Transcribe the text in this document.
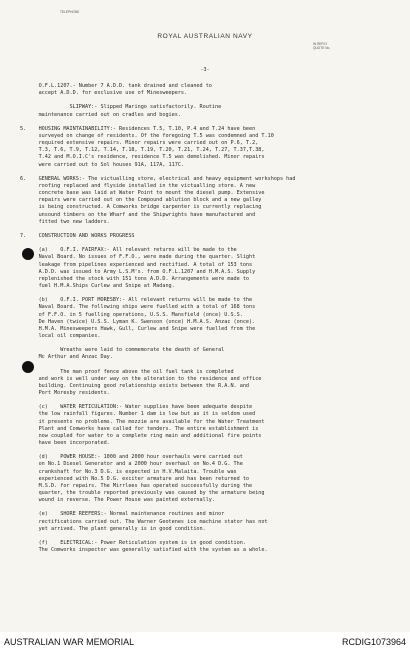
TELEPHONE
ROYAL AUSTRALIAN NAVY
IN REPLY
QUOTE No.
-3-
O.F.L.1207.- Number 7 A.D.D. tank drained and cleaned to
accept A.D.D. for exclusive use of Minesweepers.
SLIPWAY:- Slipped Maringo satisfactorily. Routine
maintenance carried out on cradles and bogies.
5.    HOUSING MAINTAINABILITY:- Residences T.5, T.10, P.4 and T.24 have been
surveyed on change of residents. Of the foregoing T.5 was condemned and T.10
required extensive repairs. Minor repairs were carried out on P.6, T.2,
T.3, T.6, T.9, T.12, T.14, T.18, T.19, T.20, T.21, T.24, T.27, T.37,T.38,
T.42 and M.O.I.C's residence, residence T.5 was demolished. Minor repairs
were carried out to Sol houses 91A, 117A, 117C.
6.    GENERAL WORKS:- The victualling store, electrical and heavy equipment workshops had
roofing replaced and flyside installed in the victualling store. A new
concrete base was laid at Water Point to mount the diesel pump. Extensive
repairs were carried out on the Compound ablution block and a new galley
is being constructed. A Comworks bridge carpenter is currently replacing
unsound timbers on the Wharf and the Shipwrights have manufactured and
fitted two new ladders.
7.    CONSTRUCTION AND WORKS PROGRESS
(a)    O.F.I. FAIRFAX:- All relevant returns will be made to the
Naval Board. No issues of F.F.O., were made during the quarter. Slight
leakage from pipelines experienced and rectified. A total of 153 tons
A.D.D. was issued to Army L.S.M's. from O.F.L.1207 and H.M.A.S. Supply
replenished the stock with 151 tons A.D.D. Arrangements were made to
fuel H.M.A.Ships Curlew and Snipe at Madang.
(b)    O.F.I. PORT MORESBY:- All relevant returns will be made to the
Naval Board. The following ships were fuelled with a total of 168 tons
of F.F.O. in 5 fuelling operations, U.S.S. Mansfield (once) U.S.S.
De Haven (twice) U.S.S. Lyman K. Swenson (once) H.M.A.S. Anzac (once).
H.M.A. Minesweepers Hawk, Gull, Curlew and Snipe were fuelled from the
local oil companies.
Wreaths were laid to commemorate the death of General
Mc Arthur and Anzac Day.
The man proof fence above the oil fuel tank is completed
and work is well under way on the alteration to the residence and office
building. Continuing good relationship exists between the R.A.N. and
Port Moresby residents.
(c)    WATER RETICULATION:- Water supplies have been adequate despite
the low rainfall figures. Number 1 dam is low but as it is seldom used
it presents no problems. The mozzie are available for the Water Treatment
Plant and Comworks have called for tenders. The entire establishment is
now coupled for water to a complete ring main and additional fire points
have been incorporated.
(d)    POWER HOUSE:- 1000 and 2000 hour overhauls were carried out
on No.1 Diesel Generator and a 2000 hour overhaul on No.4 D.G. The
crankshaft for No.3 D.G. is expected in H.V.Malaita. Trouble was
experienced with No.5 D.G. exciter armature and has been returned to
M.S.D. for repairs. The Mirrlees has operated successfully during the
quarter, the trouble reported previously was caused by the armature being
wound in reverse. The Power House was painted externally.
(e)    SHORE REEFERS:- Normal maintenance routines and minor
rectifications carried out. The Warner Geotenes ice machine stator has not
yet arrived. The plant generally is in good condition.
(f)    ELECTRICAL:- Power Reticulation system is in good condition.
The Comworks inspector was generally satisfied with the system as a whole.
AUSTRALIAN WAR MEMORIAL	RCDIG1073964
